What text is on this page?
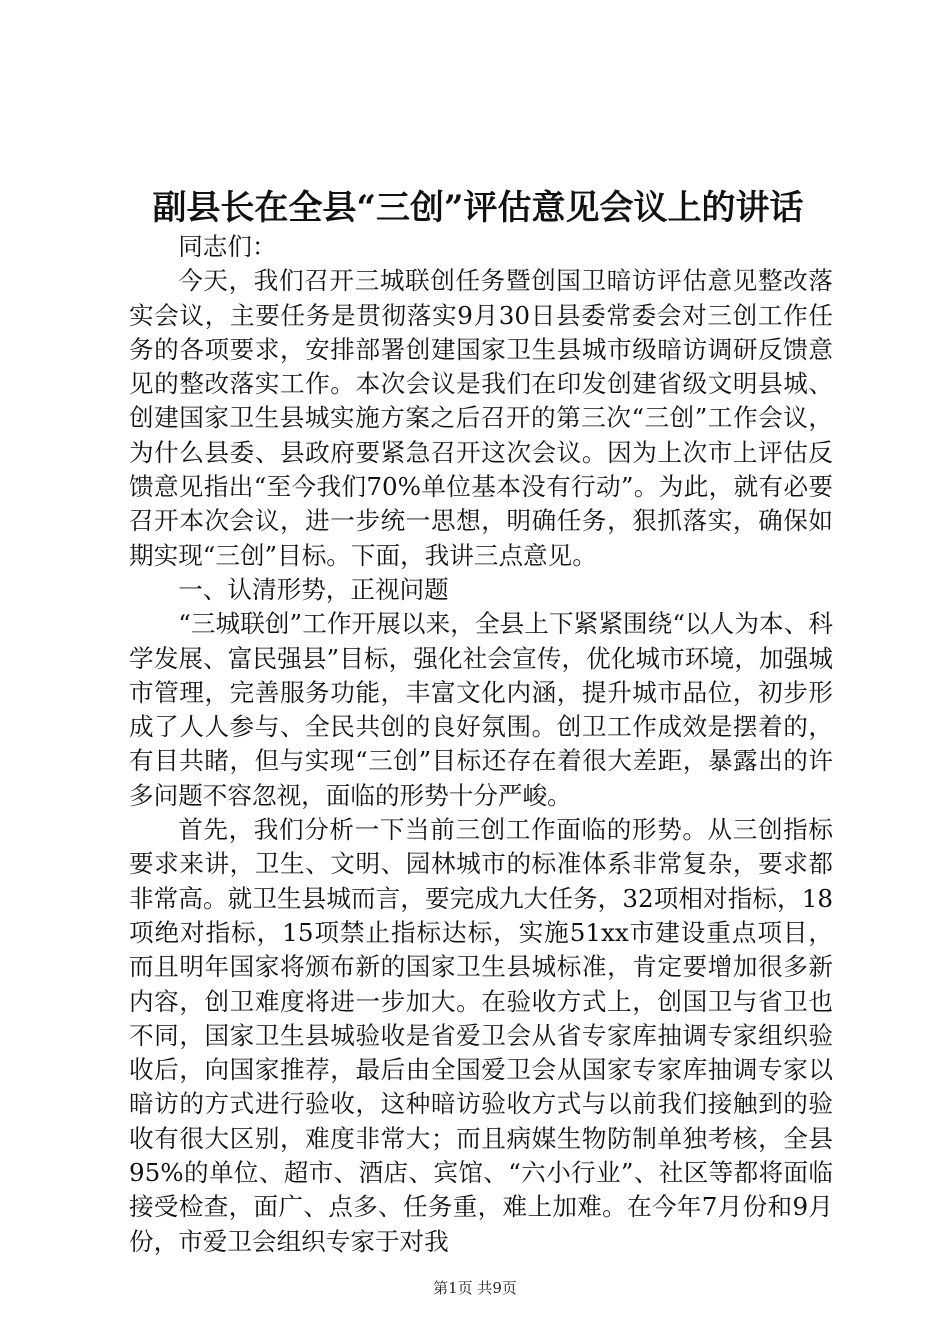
副县长在全县“三创”评估意见会议上的讲话

同志们：

今天，我们召开三城联创任务暨创国卫暗访评估意见整改落实会议，主要任务是贯彻落实9月30日县委常委会对三创工作任务的各项要求，安排部署创建国家卫生县城市级暗访调研反馈意见的整改落实工作。本次会议是我们在印发创建省级文明县城、创建国家卫生县城实施方案之后召开的第三次“三创”工作会议，为什么县委、县政府要紧急召开这次会议。因为上次市上评估反馈意见指出“至今我们70%单位基本没有行动”。为此，就有必要召开本次会议，进一步统一思想，明确任务，狠抓落实，确保如期实现“三创”目标。下面，我讲三点意见。

一、认清形势，正视问题

“三城联创”工作开展以来，全县上下紧紧围绕“以人为本、科学发展、富民强县”目标，强化社会宣传，优化城市环境，加强城市管理，完善服务功能，丰富文化内涵，提升城市品位，初步形成了人人参与、全民共创的良好氛围。创卫工作成效是摆着的，有目共睹，但与实现“三创”目标还存在着很大差距，暴露出的许多问题不容忽视，面临的形势十分严峻。

首先，我们分析一下当前三创工作面临的形势。从三创指标要求来讲，卫生、文明、园林城市的标准体系非常复杂，要求都非常高。就卫生县城而言，要完成九大任务，32项相对指标，18项绝对指标，15项禁止指标达标，实施51xx市建设重点项目，而且明年国家将颁布新的国家卫生县城标准，肯定要增加很多新内容，创卫难度将进一步加大。在验收方式上，创国卫与省卫也不同，国家卫生县城验收是省爱卫会从省专家库抽调专家组织验收后，向国家推荐，最后由全国爱卫会从国家专家库抽调专家以暗访的方式进行验收，这种暗访验收方式与以前我们接触到的验收有很大区别，难度非常大；而且病媒生物防制单独考核，全县95%的单位、超市、酒店、宾馆、“六小行业”、社区等都将面临接受检查，面广、点多、任务重，难上加难。在今年7月份和9月份，市爱卫会组织专家于对我

第1页 共9页
